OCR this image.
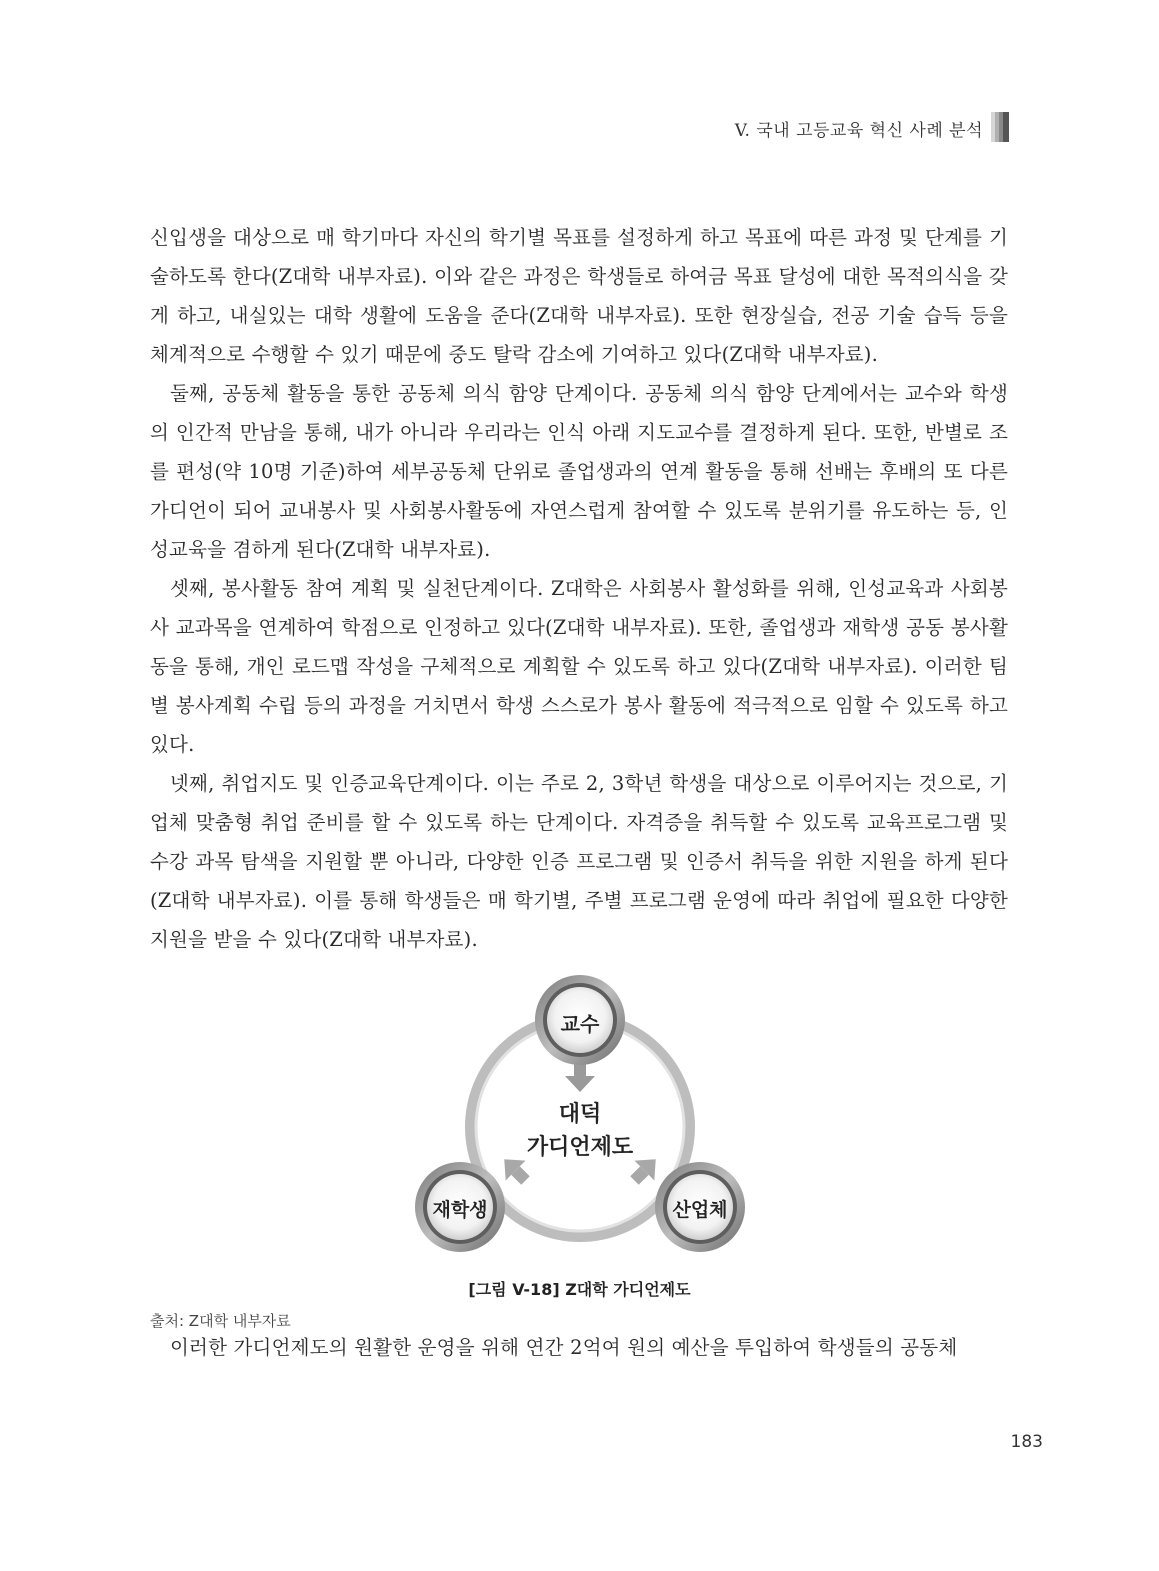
V. 국내 고등교육 혁신 사례 분석

신입생을 대상으로 매 학기마다 자신의 학기별 목표를 설정하게 하고 목표에 따른 과정 및 단계를 기술하도록 한다(Z대학 내부자료). 이와 같은 과정은 학생들로 하여금 목표 달성에 대한 목적의식을 갖게 하고, 내실있는 대학 생활에 도움을 준다(Z대학 내부자료). 또한 현장실습, 전공 기술 습득 등을 체계적으로 수행할 수 있기 때문에 중도 탈락 감소에 기여하고 있다(Z대학 내부자료).

둘째, 공동체 활동을 통한 공동체 의식 함양 단계이다. 공동체 의식 함양 단계에서는 교수와 학생의 인간적 만남을 통해, 내가 아니라 우리라는 인식 아래 지도교수를 결정하게 된다. 또한, 반별로 조를 편성(약 10명 기준)하여 세부공동체 단위로 졸업생과의 연계 활동을 통해 선배는 후배의 또 다른 가디언이 되어 교내봉사 및 사회봉사활동에 자연스럽게 참여할 수 있도록 분위기를 유도하는 등, 인성교육을 겸하게 된다(Z대학 내부자료).

셋째, 봉사활동 참여 계획 및 실천단계이다. Z대학은 사회봉사 활성화를 위해, 인성교육과 사회봉사 교과목을 연계하여 학점으로 인정하고 있다(Z대학 내부자료). 또한, 졸업생과 재학생 공동 봉사활동을 통해, 개인 로드맵 작성을 구체적으로 계획할 수 있도록 하고 있다(Z대학 내부자료). 이러한 팀별 봉사계획 수립 등의 과정을 거치면서 학생 스스로가 봉사 활동에 적극적으로 임할 수 있도록 하고 있다.

넷째, 취업지도 및 인증교육단계이다. 이는 주로 2, 3학년 학생을 대상으로 이루어지는 것으로, 기업체 맞춤형 취업 준비를 할 수 있도록 하는 단계이다. 자격증을 취득할 수 있도록 교육프로그램 및 수강 과목 탐색을 지원할 뿐 아니라, 다양한 인증 프로그램 및 인증서 취득을 위한 지원을 하게 된다(Z대학 내부자료). 이를 통해 학생들은 매 학기별, 주별 프로그램 운영에 따라 취업에 필요한 다양한 지원을 받을 수 있다(Z대학 내부자료).

교수
대덕
가디언제도
재학생	산업체
[그림 V-18] Z대학 가디언제도
출처: Z대학 내부자료

이러한 가디언제도의 원활한 운영을 위해 연간 2억여 원의 예산을 투입하여 학생들의 공동체

183
